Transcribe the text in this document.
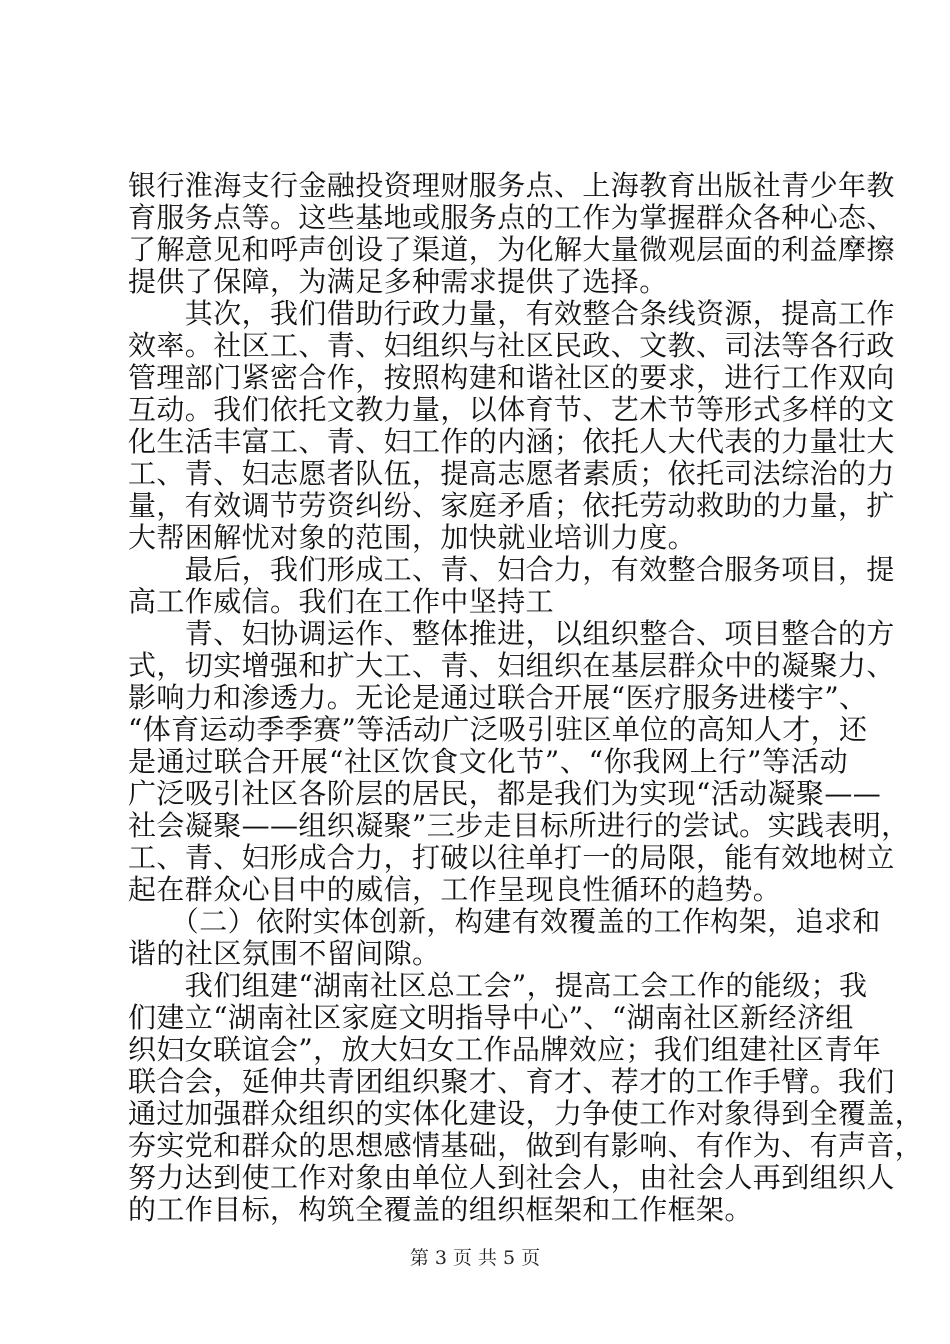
银行淮海支行金融投资理财服务点、上海教育出版社青少年教
育服务点等。这些基地或服务点的工作为掌握群众各种心态、
了解意见和呼声创设了渠道，为化解大量微观层面的利益摩擦
提供了保障，为满足多种需求提供了选择。
　　其次，我们借助行政力量，有效整合条线资源，提高工作
效率。社区工、青、妇组织与社区民政、文教、司法等各行政
管理部门紧密合作，按照构建和谐社区的要求，进行工作双向
互动。我们依托文教力量，以体育节、艺术节等形式多样的文
化生活丰富工、青、妇工作的内涵；依托人大代表的力量壮大
工、青、妇志愿者队伍，提高志愿者素质；依托司法综治的力
量，有效调节劳资纠纷、家庭矛盾；依托劳动救助的力量，扩
大帮困解忧对象的范围，加快就业培训力度。
　　最后，我们形成工、青、妇合力，有效整合服务项目，提
高工作威信。我们在工作中坚持工
　　青、妇协调运作、整体推进，以组织整合、项目整合的方
式，切实增强和扩大工、青、妇组织在基层群众中的凝聚力、
影响力和渗透力。无论是通过联合开展“医疗服务进楼宇”、
“体育运动季季赛”等活动广泛吸引驻区单位的高知人才，还
是通过联合开展“社区饮食文化节”、“你我网上行”等活动
广泛吸引社区各阶层的居民，都是我们为实现“活动凝聚——
社会凝聚——组织凝聚”三步走目标所进行的尝试。实践表明，
工、青、妇形成合力，打破以往单打一的局限，能有效地树立
起在群众心目中的威信，工作呈现良性循环的趋势。
　　（二）依附实体创新，构建有效覆盖的工作构架，追求和
谐的社区氛围不留间隙。
　　我们组建“湖南社区总工会”，提高工会工作的能级；我
们建立“湖南社区家庭文明指导中心”、“湖南社区新经济组
织妇女联谊会”，放大妇女工作品牌效应；我们组建社区青年
联合会，延伸共青团组织聚才、育才、荐才的工作手臂。我们
通过加强群众组织的实体化建设，力争使工作对象得到全覆盖，
夯实党和群众的思想感情基础，做到有影响、有作为、有声音，
努力达到使工作对象由单位人到社会人，由社会人再到组织人
的工作目标，构筑全覆盖的组织框架和工作框架。
第 3 页 共 5 页
